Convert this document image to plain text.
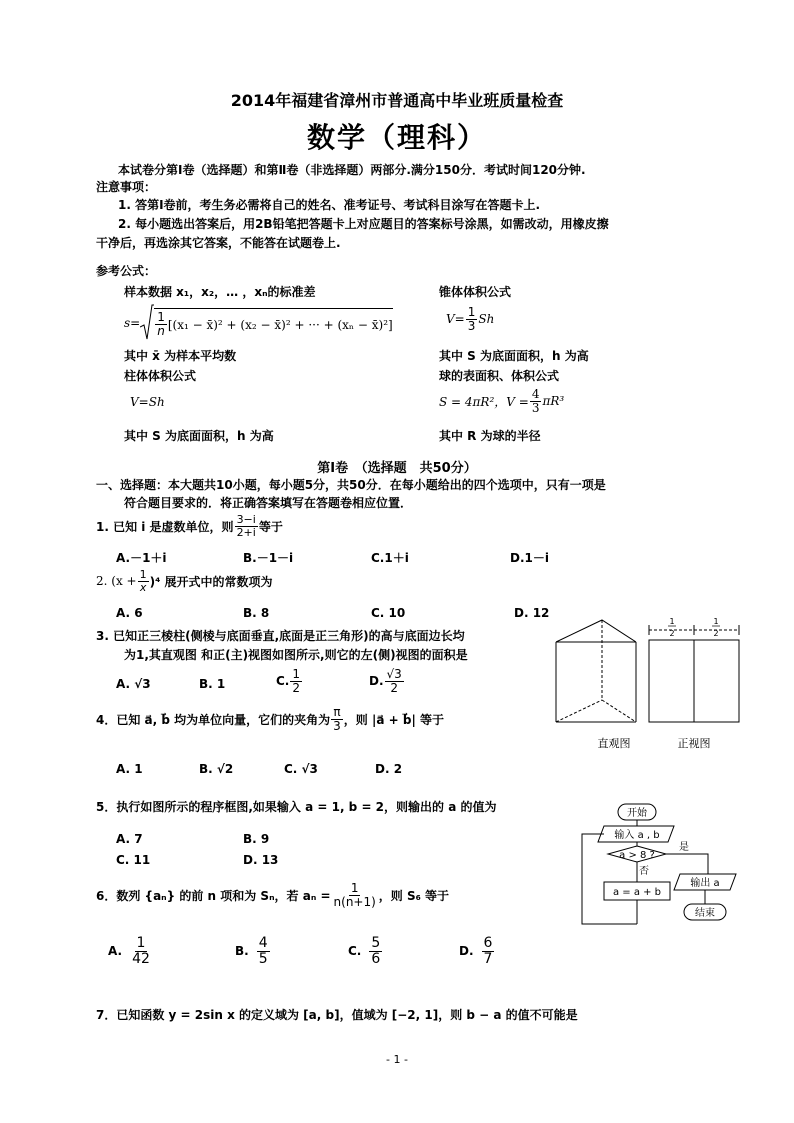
2014年福建省漳州市普通高中毕业班质量检查
数学（理科）
本试卷分第Ⅰ卷（选择题）和第Ⅱ卷（非选择题）两部分.满分150分．考试时间120分钟.
注意事项：
1. 答第Ⅰ卷前，考生务必需将自己的姓名、准考证号、考试科目涂写在答题卡上.
2. 每小题选出答案后，用2B铅笔把答题卡上对应题目的答案标号涂黑，如需改动，用橡皮擦
干净后，再选涂其它答案，不能答在试题卷上.
参考公式：
样本数据 x₁，x₂，… ，xₙ的标准差
$s= \frac{1}{n} [(x_1$ − x̄)² + (x₂ − x̄)² + ··· + (xₙ − x̄)²]
其中 x̄ 为样本平均数
锥体体积公式
$V= \frac{1}{3}$ Sh
其中 S 为底面面积，h 为高
柱体体积公式
V=Sh
其中 S 为底面面积，h 为高
球的表面积、体积公式
S = 4πR²，$V = \frac{4}{3} \pi R^3$
其中 R 为球的半径
第Ⅰ卷　（选择题　共50分）
一、选择题：本大题共10小题，每小题5分，共50分．在每小题给出的四个选项中，只有一项是
符合题目要求的．将正确答案填写在答题卷相应位置．
1. 已知 i 是虚数单位，则 $\frac{3-i}{2+i}$ 等于
A.－1＋i	B.－1－i	C.1＋i	D.1－i
2. $(x + \frac{1}{x} )^4$ 展开式中的常数项为
A. 6	B. 8	C. 10	D. 12
3. 已知正三棱柱(侧棱与底面垂直,底面是正三角形)的高与底面边长均
为1,其直观图 和正(主)视图如图所示,则它的左(侧)视图的面积是
A. √3	B. 1	C. $\frac{1}{2}$	D. $\frac{√3}{2}$
1
2
1
2
直观图	正视图
4．已知 a⃗, b⃗ 均为单位向量，它们的夹角为 $\frac{\pi}{3}$ ，则 |a⃗ + b⃗| 等于
A. 1	B. √2	C. √3	D. 2
5．执行如图所示的程序框图,如果输入 a = 1, b = 2，则输出的 a 的值为
A. 7	B. 9
C. 11	D. 13
开始
输入 a , b
a > 8 ?
是
否
a = a + b
输出 a
结束
6．数列 {aₙ} 的前 n 项和为 Sₙ，若 $a_n = \frac{1}{n(n+1)}$ ，则 S₆ 等于
A. $\frac{1}{42}$	B. $\frac{4}{5}$	C. $\frac{5}{6}$	D. $\frac{6}{7}$
7．已知函数 y = 2sin x 的定义域为 [a, b]，值域为 [−2, 1]，则 b − a 的值不可能是
- 1 -
